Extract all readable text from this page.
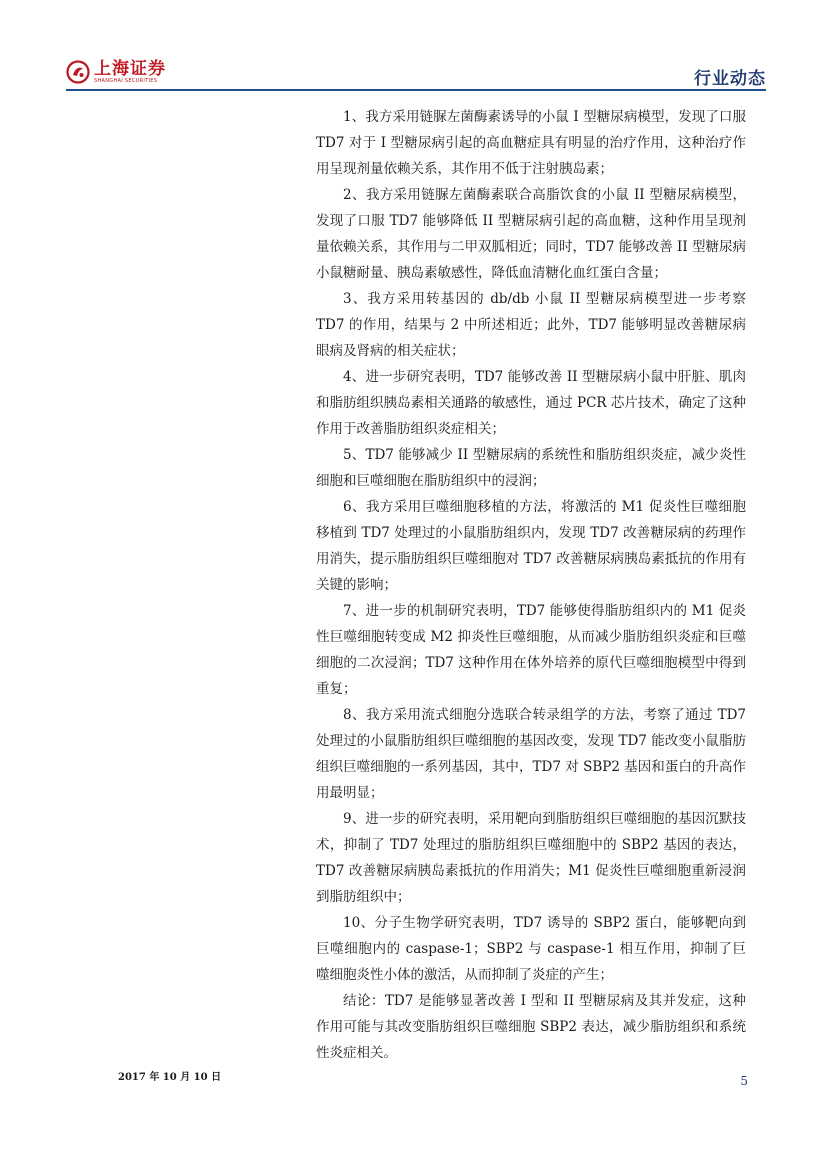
上海证券
SHANGHAI SECURITIES	行业动态

1、我方采用链脲左菌酶素诱导的小鼠 I 型糖尿病模型，发现了口服 TD7 对于 I 型糖尿病引起的高血糖症具有明显的治疗作用，这种治疗作用呈现剂量依赖关系，其作用不低于注射胰岛素；

2、我方采用链脲左菌酶素联合高脂饮食的小鼠 II 型糖尿病模型，发现了口服 TD7 能够降低 II 型糖尿病引起的高血糖，这种作用呈现剂量依赖关系，其作用与二甲双胍相近；同时，TD7 能够改善 II 型糖尿病小鼠糖耐量、胰岛素敏感性，降低血清糖化血红蛋白含量；

3、我方采用转基因的 db/db 小鼠 II 型糖尿病模型进一步考察 TD7 的作用，结果与 2 中所述相近；此外，TD7 能够明显改善糖尿病眼病及肾病的相关症状；

4、进一步研究表明，TD7 能够改善 II 型糖尿病小鼠中肝脏、肌肉和脂肪组织胰岛素相关通路的敏感性，通过 PCR 芯片技术，确定了这种作用于改善脂肪组织炎症相关；

5、TD7 能够减少 II 型糖尿病的系统性和脂肪组织炎症，减少炎性细胞和巨噬细胞在脂肪组织中的浸润；

6、我方采用巨噬细胞移植的方法，将激活的 M1 促炎性巨噬细胞移植到 TD7 处理过的小鼠脂肪组织内，发现 TD7 改善糖尿病的药理作用消失，提示脂肪组织巨噬细胞对 TD7 改善糖尿病胰岛素抵抗的作用有关键的影响；

7、进一步的机制研究表明，TD7 能够使得脂肪组织内的 M1 促炎性巨噬细胞转变成 M2 抑炎性巨噬细胞，从而减少脂肪组织炎症和巨噬细胞的二次浸润；TD7 这种作用在体外培养的原代巨噬细胞模型中得到重复；

8、我方采用流式细胞分选联合转录组学的方法，考察了通过 TD7 处理过的小鼠脂肪组织巨噬细胞的基因改变，发现 TD7 能改变小鼠脂肪组织巨噬细胞的一系列基因，其中，TD7 对 SBP2 基因和蛋白的升高作用最明显；

9、进一步的研究表明，采用靶向到脂肪组织巨噬细胞的基因沉默技术，抑制了 TD7 处理过的脂肪组织巨噬细胞中的 SBP2 基因的表达，TD7 改善糖尿病胰岛素抵抗的作用消失；M1 促炎性巨噬细胞重新浸润到脂肪组织中；

10、分子生物学研究表明，TD7 诱导的 SBP2 蛋白，能够靶向到巨噬细胞内的 caspase-1；SBP2 与 caspase-1 相互作用，抑制了巨噬细胞炎性小体的激活，从而抑制了炎症的产生；

结论：TD7 是能够显著改善 I 型和 II 型糖尿病及其并发症，这种作用可能与其改变脂肪组织巨噬细胞 SBP2 表达，减少脂肪组织和系统性炎症相关。

2017 年 10 月 10 日	5
